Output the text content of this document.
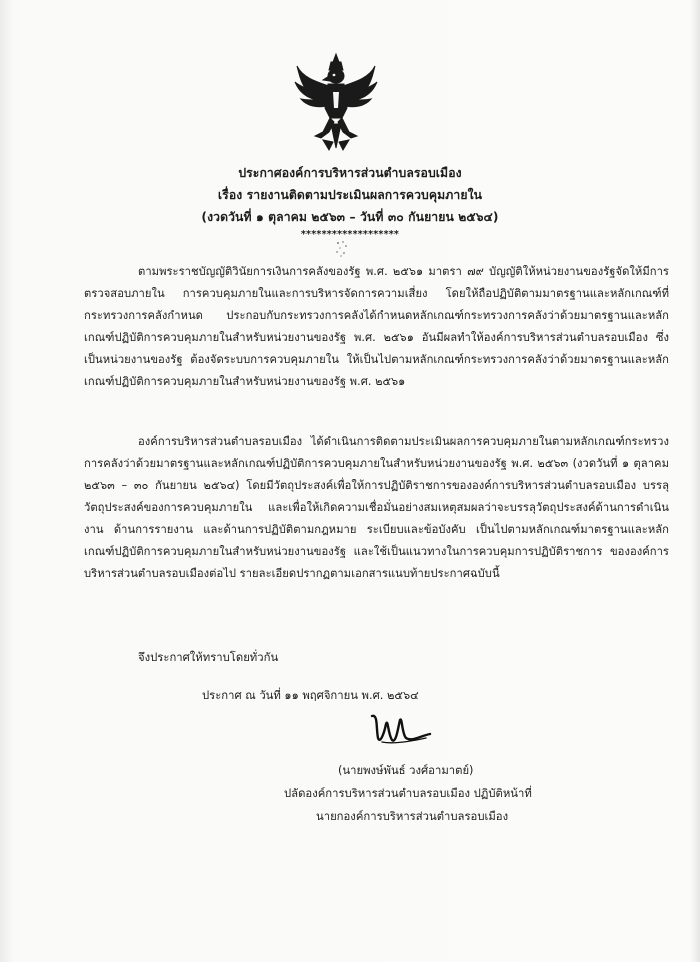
ประกาศองค์การบริหารส่วนตำบลรอบเมือง
เรื่อง รายงานติดตามประเมินผลการควบคุมภายใน
(งวดวันที่ ๑ ตุลาคม ๒๕๖๓ – วันที่ ๓๐ กันยายน ๒๕๖๔)
*******************

ตามพระราชบัญญัติวินัยการเงินการคลังของรัฐ พ.ศ. ๒๕๖๑ มาตรา ๗๙ บัญญัติให้หน่วยงานของรัฐจัดให้มีการตรวจสอบภายใน การควบคุมภายในและการบริหารจัดการความเสี่ยง โดยให้ถือปฏิบัติตามมาตรฐานและหลักเกณฑ์ที่กระทรวงการคลังกำหนด ประกอบกับกระทรวงการคลังได้กำหนดหลักเกณฑ์กระทรวงการคลังว่าด้วยมาตรฐานและหลักเกณฑ์ปฏิบัติการควบคุมภายในสำหรับหน่วยงานของรัฐ พ.ศ. ๒๕๖๑ อันมีผลทำให้องค์การบริหารส่วนตำบลรอบเมือง ซึ่งเป็นหน่วยงานของรัฐ ต้องจัดระบบการควบคุมภายใน ให้เป็นไปตามหลักเกณฑ์กระทรวงการคลังว่าด้วยมาตรฐานและหลักเกณฑ์ปฏิบัติการควบคุมภายในสำหรับหน่วยงานของรัฐ พ.ศ. ๒๕๖๑

องค์การบริหารส่วนตำบลรอบเมือง ได้ดำเนินการติดตามประเมินผลการควบคุมภายในตามหลักเกณฑ์กระทรวงการคลังว่าด้วยมาตรฐานและหลักเกณฑ์ปฏิบัติการควบคุมภายในสำหรับหน่วยงานของรัฐ พ.ศ. ๒๕๖๓ (งวดวันที่ ๑ ตุลาคม ๒๕๖๓ – ๓๐ กันยายน ๒๕๖๔) โดยมีวัตถุประสงค์เพื่อให้การปฏิบัติราชการขององค์การบริหารส่วนตำบลรอบเมือง บรรลุวัตถุประสงค์ของการควบคุมภายใน และเพื่อให้เกิดความเชื่อมั่นอย่างสมเหตุสมผลว่าจะบรรลุวัตถุประสงค์ด้านการดำเนินงาน ด้านการรายงาน และด้านการปฏิบัติตามกฎหมาย ระเบียบและข้อบังคับ เป็นไปตามหลักเกณฑ์มาตรฐานและหลักเกณฑ์ปฏิบัติการควบคุมภายในสำหรับหน่วยงานของรัฐ และใช้เป็นแนวทางในการควบคุมการปฏิบัติราชการ ขององค์การบริหารส่วนตำบลรอบเมืองต่อไป รายละเอียดปรากฏตามเอกสารแนบท้ายประกาศฉบับนี้

จึงประกาศให้ทราบโดยทั่วกัน
ประกาศ ณ วันที่ ๑๑ พฤศจิกายน พ.ศ. ๒๕๖๔
(นายพงษ์พันธ์ วงศ์อามาตย์)
ปลัดองค์การบริหารส่วนตำบลรอบเมือง ปฏิบัติหน้าที่
นายกองค์การบริหารส่วนตำบลรอบเมือง
